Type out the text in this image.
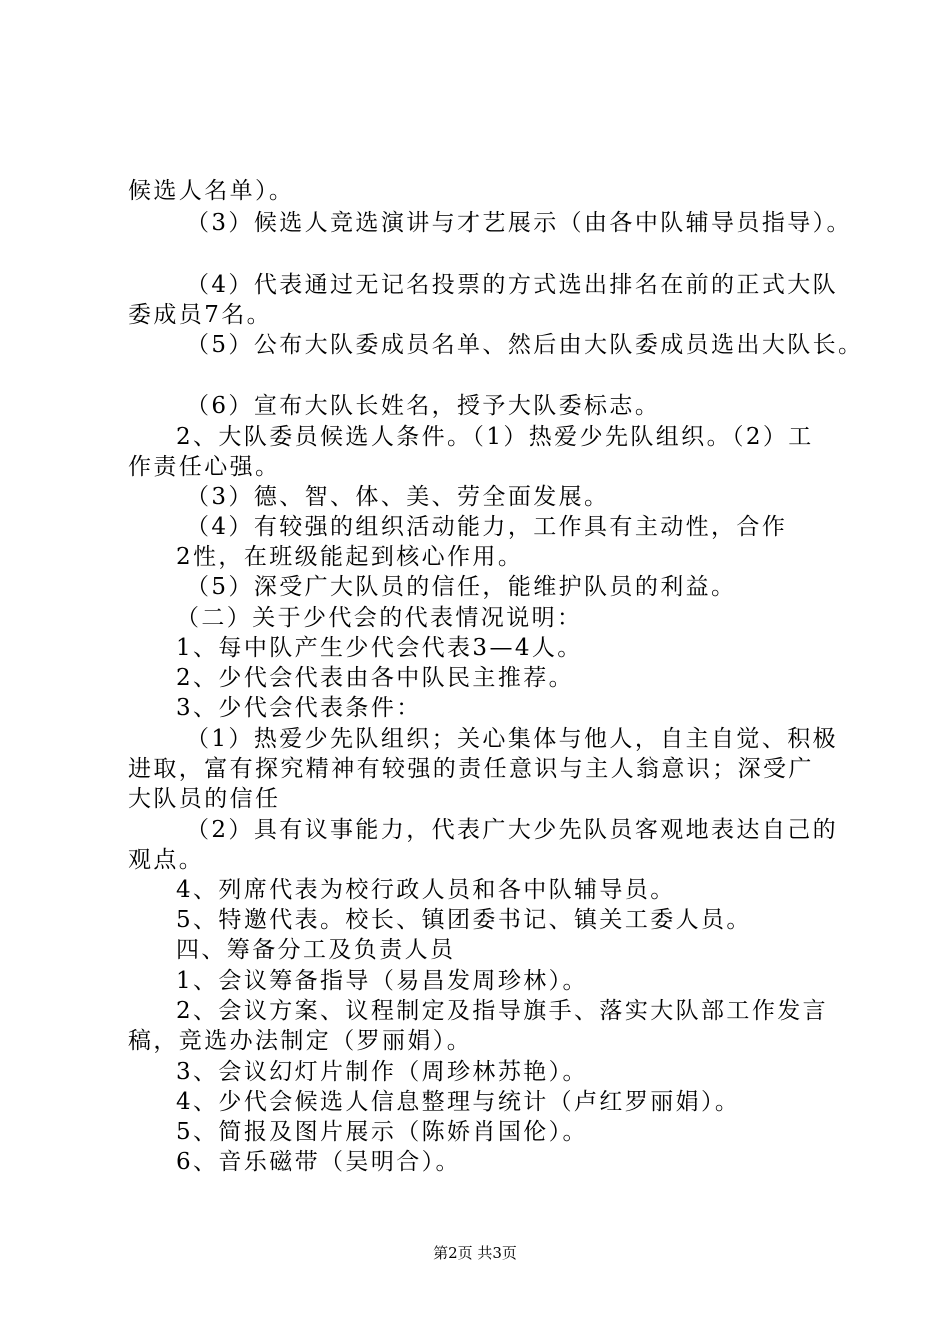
候选人名单）。
（3）候选人竞选演讲与才艺展示（由各中队辅导员指导）。
（4）代表通过无记名投票的方式选出排名在前的正式大队
委成员7名。
（5）公布大队委成员名单、然后由大队委成员选出大队长。
（6）宣布大队长姓名，授予大队委标志。
2、大队委员候选人条件。（1）热爱少先队组织。（2）工
作责任心强。
（3）德、智、体、美、劳全面发展。
（4）有较强的组织活动能力，工作具有主动性，合作
2性，在班级能起到核心作用。
（5）深受广大队员的信任，能维护队员的利益。
（二）关于少代会的代表情况说明：
1、每中队产生少代会代表3—4人。
2、少代会代表由各中队民主推荐。
3、少代会代表条件：
（1）热爱少先队组织；关心集体与他人，自主自觉、积极
进取，富有探究精神有较强的责任意识与主人翁意识；深受广
大队员的信任
（2）具有议事能力，代表广大少先队员客观地表达自己的
观点。
4、列席代表为校行政人员和各中队辅导员。
5、特邀代表。校长、镇团委书记、镇关工委人员。
四、筹备分工及负责人员
1、会议筹备指导（易昌发周珍林）。
2、会议方案、议程制定及指导旗手、落实大队部工作发言
稿，竞选办法制定（罗丽娟）。
3、会议幻灯片制作（周珍林苏艳）。
4、少代会候选人信息整理与统计（卢红罗丽娟）。
5、简报及图片展示（陈娇肖国伦）。
6、音乐磁带（吴明合）。
第2页 共3页
